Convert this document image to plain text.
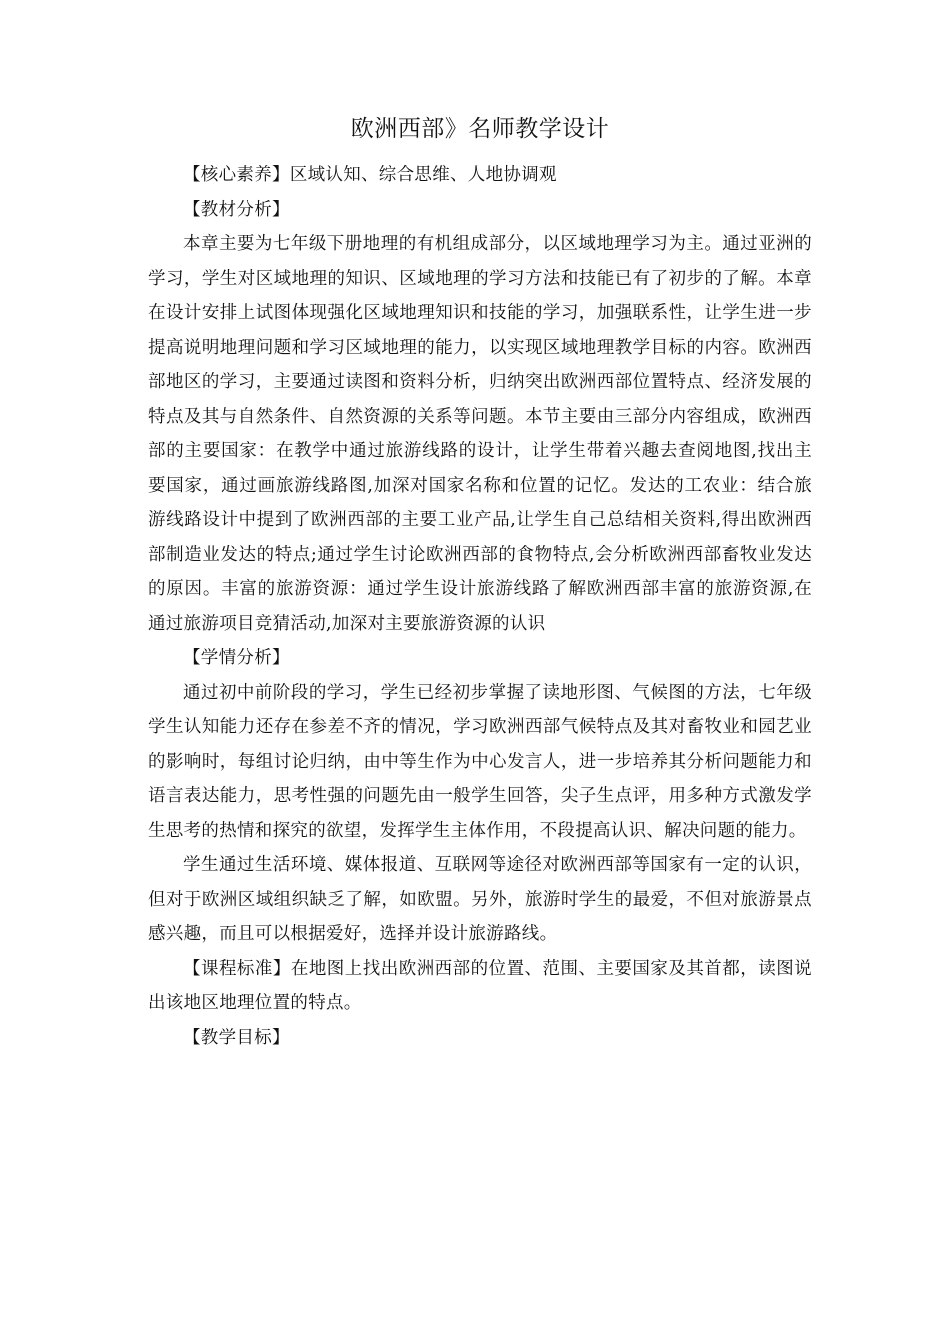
欧洲西部》名师教学设计

【核心素养】区域认知、综合思维、人地协调观

【教材分析】

本章主要为七年级下册地理的有机组成部分，以区域地理学习为主。通过亚洲的学习，学生对区域地理的知识、区域地理的学习方法和技能已有了初步的了解。本章在设计安排上试图体现强化区域地理知识和技能的学习，加强联系性，让学生进一步提高说明地理问题和学习区域地理的能力，以实现区域地理教学目标的内容。欧洲西部地区的学习，主要通过读图和资料分析，归纳突出欧洲西部位置特点、经济发展的特点及其与自然条件、自然资源的关系等问题。本节主要由三部分内容组成，欧洲西部的主要国家：在教学中通过旅游线路的设计，让学生带着兴趣去查阅地图,找出主要国家，通过画旅游线路图,加深对国家名称和位置的记忆。发达的工农业：结合旅游线路设计中提到了欧洲西部的主要工业产品,让学生自己总结相关资料,得出欧洲西部制造业发达的特点;通过学生讨论欧洲西部的食物特点,会分析欧洲西部畜牧业发达的原因。丰富的旅游资源：通过学生设计旅游线路了解欧洲西部丰富的旅游资源,在通过旅游项目竞猜活动,加深对主要旅游资源的认识

【学情分析】

通过初中前阶段的学习，学生已经初步掌握了读地形图、气候图的方法，七年级学生认知能力还存在参差不齐的情况，学习欧洲西部气候特点及其对畜牧业和园艺业的影响时，每组讨论归纳，由中等生作为中心发言人，进一步培养其分析问题能力和语言表达能力，思考性强的问题先由一般学生回答，尖子生点评，用多种方式激发学生思考的热情和探究的欲望，发挥学生主体作用，不段提高认识、解决问题的能力。

学生通过生活环境、媒体报道、互联网等途径对欧洲西部等国家有一定的认识，但对于欧洲区域组织缺乏了解，如欧盟。另外，旅游时学生的最爱，不但对旅游景点感兴趣，而且可以根据爱好，选择并设计旅游路线。

【课程标准】在地图上找出欧洲西部的位置、范围、主要国家及其首都，读图说出该地区地理位置的特点。

【教学目标】
